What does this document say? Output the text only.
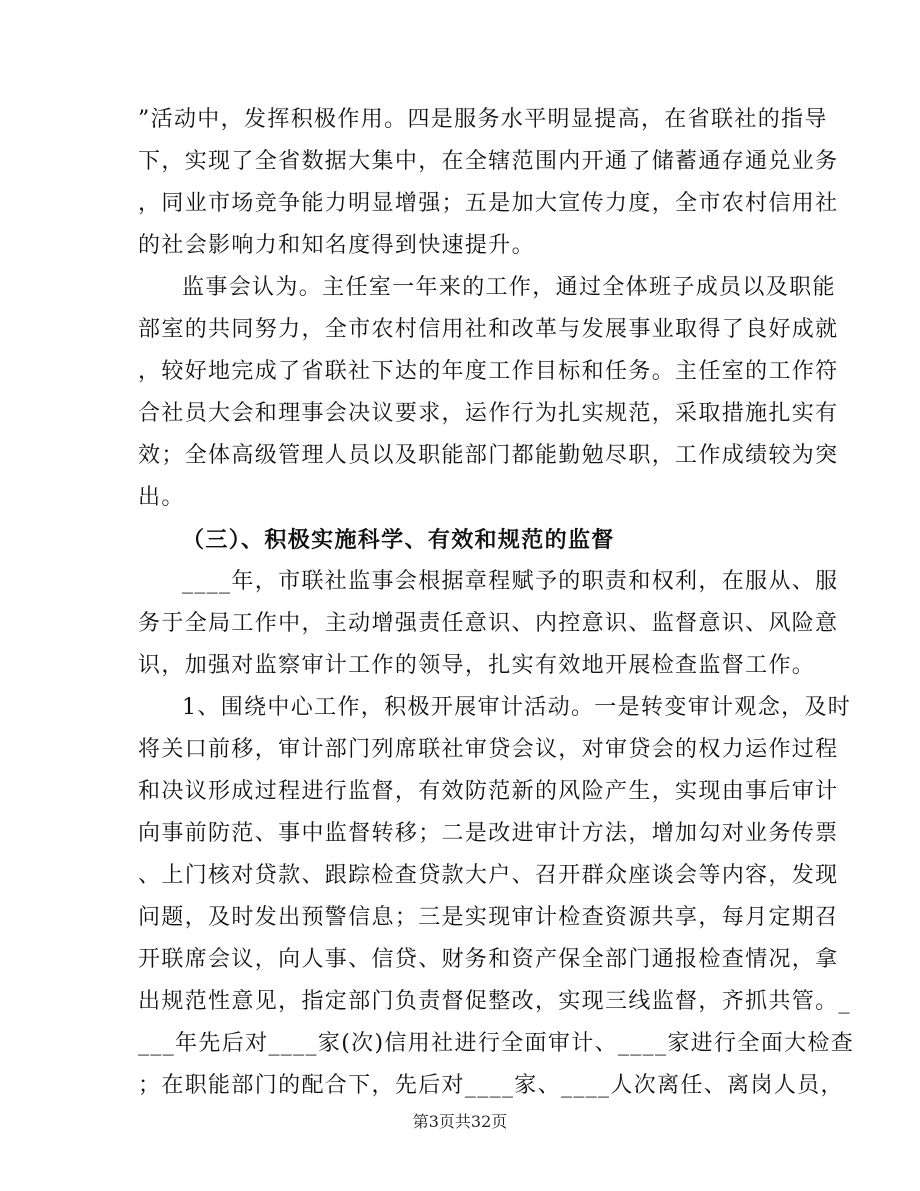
”活动中，发挥积极作用。四是服务水平明显提高，在省联社的指导
下，实现了全省数据大集中，在全辖范围内开通了储蓄通存通兑业务
，同业市场竞争能力明显增强；五是加大宣传力度，全市农村信用社
的社会影响力和知名度得到快速提升。
监事会认为。主任室一年来的工作，通过全体班子成员以及职能
部室的共同努力，全市农村信用社和改革与发展事业取得了良好成就
，较好地完成了省联社下达的年度工作目标和任务。主任室的工作符
合社员大会和理事会决议要求，运作行为扎实规范，采取措施扎实有
效；全体高级管理人员以及职能部门都能勤勉尽职，工作成绩较为突
出。
（三）、积极实施科学、有效和规范的监督
____年，市联社监事会根据章程赋予的职责和权利，在服从、服
务于全局工作中，主动增强责任意识、内控意识、监督意识、风险意
识，加强对监察审计工作的领导，扎实有效地开展检查监督工作。
1、围绕中心工作，积极开展审计活动。一是转变审计观念，及时
将关口前移，审计部门列席联社审贷会议，对审贷会的权力运作过程
和决议形成过程进行监督，有效防范新的风险产生，实现由事后审计
向事前防范、事中监督转移；二是改进审计方法，增加勾对业务传票
、上门核对贷款、跟踪检查贷款大户、召开群众座谈会等内容，发现
问题，及时发出预警信息；三是实现审计检查资源共享，每月定期召
开联席会议，向人事、信贷、财务和资产保全部门通报检查情况，拿
出规范性意见，指定部门负责督促整改，实现三线监督，齐抓共管。_
___年先后对____家(次)信用社进行全面审计、____家进行全面大检查
；在职能部门的配合下，先后对____家、____人次离任、离岗人员，
第3页共32页
